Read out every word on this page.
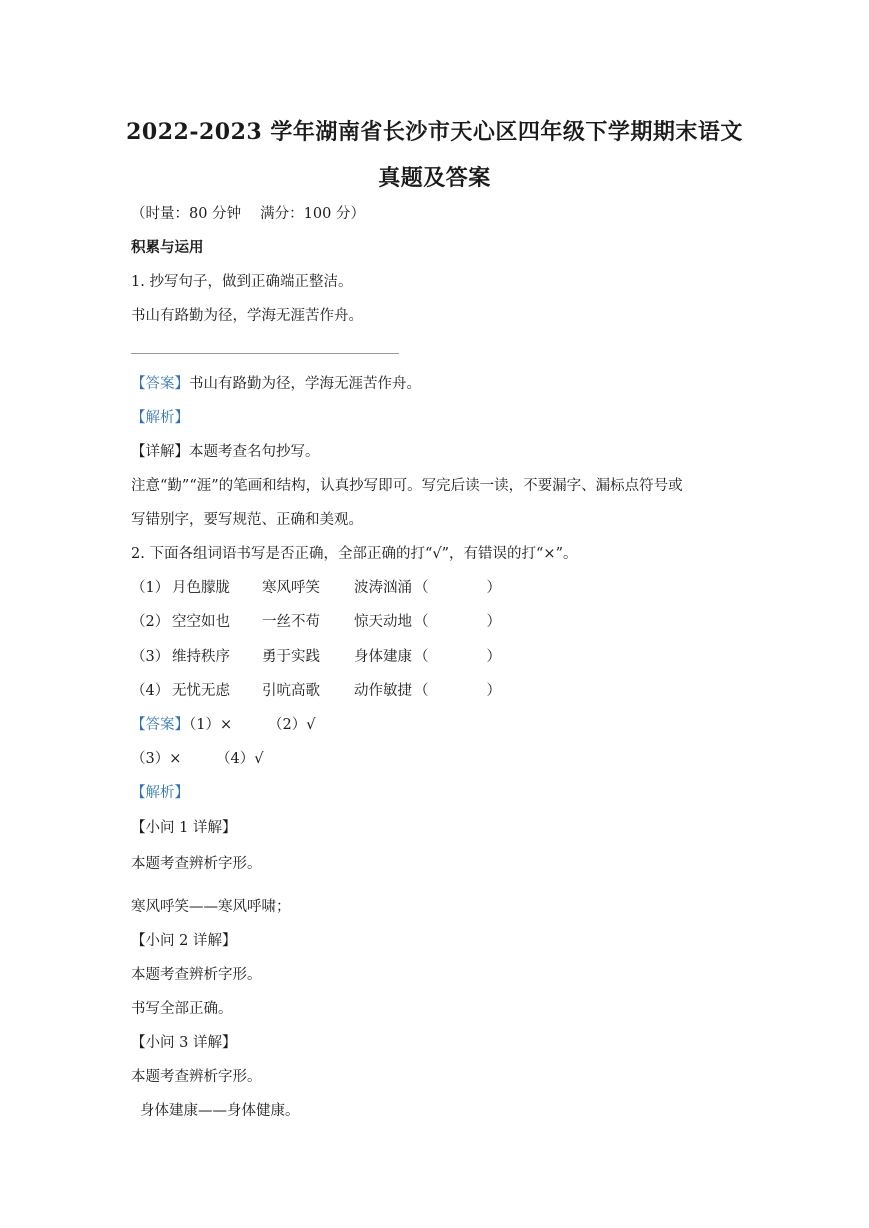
2022-2023 学年湖南省长沙市天心区四年级下学期期末语文
真题及答案
（时量：80 分钟　 满分：100 分）
积累与运用
1. 抄写句子，做到正确端正整洁。
书山有路勤为径，学海无涯苦作舟。
【答案】书山有路勤为径，学海无涯苦作舟。
【解析】
【详解】本题考查名句抄写。
注意“勤”“涯”的笔画和结构，认真抄写即可。写完后读一读，不要漏字、漏标点符号或
写错别字，要写规范、正确和美观。
2. 下面各组词语书写是否正确，全部正确的打“√”，有错误的打“×”。
（1） 月色朦胧 寒风呼笑 波涛汹涌 （　　　　）
（2） 空空如也 一丝不苟 惊天动地 （　　　　）
（3） 维持秩序 勇于实践 身体建康 （　　　　）
（4） 无忧无虑 引吭高歌 动作敏捷 （　　　　）
【答案】（1）× （2）√
（3）× （4）√
【解析】
【小问 1 详解】
本题考查辨析字形。
寒风呼笑——寒风呼啸；
【小问 2 详解】
本题考查辨析字形。
书写全部正确。
【小问 3 详解】
本题考查辨析字形。
身体建康——身体健康。
